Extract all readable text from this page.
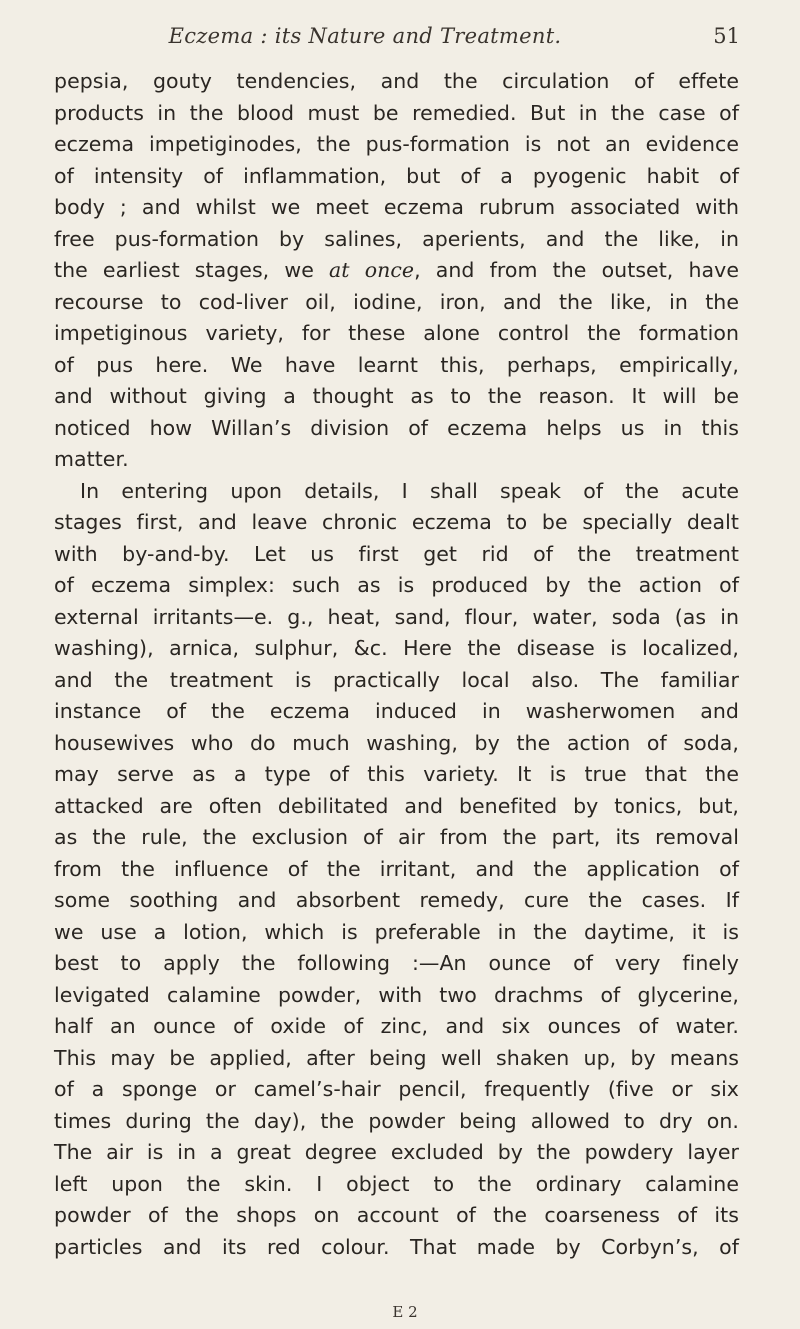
Eczema : its Nature and Treatment.	51
pepsia, gouty tendencies, and the circulation of effete
products in the blood must be remedied. But in the case of
eczema impetiginodes, the pus-formation is not an evidence
of intensity of inflammation, but of a pyogenic habit of
body ; and whilst we meet eczema rubrum associated with
free pus-formation by salines, aperients, and the like, in
the earliest stages, we at once, and from the outset, have
recourse to cod-liver oil, iodine, iron, and the like, in the
impetiginous variety, for these alone control the formation
of pus here. We have learnt this, perhaps, empirically,
and without giving a thought as to the reason. It will be
noticed how Willan’s division of eczema helps us in this
matter.
In entering upon details, I shall speak of the acute
stages first, and leave chronic eczema to be specially dealt
with by-and-by. Let us first get rid of the treatment
of eczema simplex: such as is produced by the action of
external irritants—e. g., heat, sand, flour, water, soda (as in
washing), arnica, sulphur, &c. Here the disease is localized,
and the treatment is practically local also. The familiar
instance of the eczema induced in washerwomen and
housewives who do much washing, by the action of soda,
may serve as a type of this variety. It is true that the
attacked are often debilitated and benefited by tonics, but,
as the rule, the exclusion of air from the part, its removal
from the influence of the irritant, and the application of
some soothing and absorbent remedy, cure the cases. If
we use a lotion, which is preferable in the daytime, it is
best to apply the following :—An ounce of very finely
levigated calamine powder, with two drachms of glycerine,
half an ounce of oxide of zinc, and six ounces of water.
This may be applied, after being well shaken up, by means
of a sponge or camel’s-hair pencil, frequently (five or six
times during the day), the powder being allowed to dry on.
The air is in a great degree excluded by the powdery layer
left upon the skin. I object to the ordinary calamine
powder of the shops on account of the coarseness of its
particles and its red colour. That made by Corbyn’s, of
E 2
